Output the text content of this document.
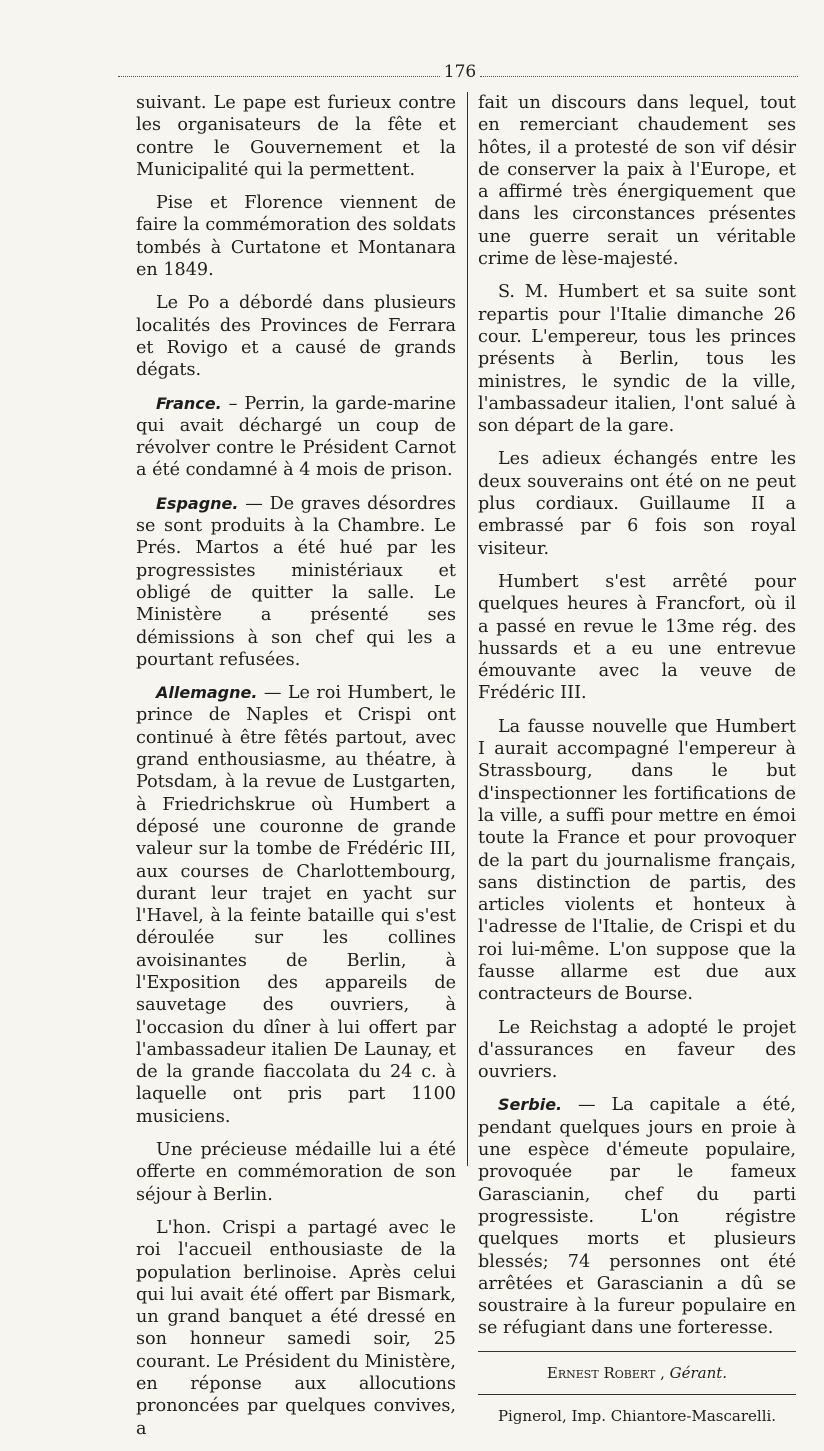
176

suivant. Le pape est furieux contre les organisateurs de la fête et contre le Gouvernement et la Municipalité qui la permettent.

Pise et Florence viennent de faire la commémoration des soldats tombés à Curtatone et Montanara en 1849.

Le Po a débordé dans plusieurs localités des Provinces de Ferrara et Rovigo et a causé de grands dégats.

France. – Perrin, la garde-marine qui avait déchargé un coup de révolver contre le Président Carnot a été condamné à 4 mois de prison.

Espagne. — De graves désordres se sont produits à la Chambre. Le Prés. Martos a été hué par les progressistes ministériaux et obligé de quitter la salle. Le Ministère a présenté ses démissions à son chef qui les a pourtant refusées.

Allemagne. — Le roi Humbert, le prince de Naples et Crispi ont continué à être fêtés partout, avec grand enthousiasme, au théatre, à Potsdam, à la revue de Lustgarten, à Friedrichskrue où Humbert a déposé une couronne de grande valeur sur la tombe de Frédéric III, aux courses de Charlottembourg, durant leur trajet en yacht sur l'Havel, à la feinte bataille qui s'est déroulée sur les collines avoisinantes de Berlin, à l'Exposition des appareils de sauvetage des ouvriers, à l'occasion du dîner à lui offert par l'ambassadeur italien De Launay, et de la grande fiaccolata du 24 c. à laquelle ont pris part 1100 musiciens.

Une précieuse médaille lui a été offerte en commémoration de son séjour à Berlin.

L'hon. Crispi a partagé avec le roi l'accueil enthousiaste de la population berlinoise. Après celui qui lui avait été offert par Bismark, un grand banquet a été dressé en son honneur samedi soir, 25 courant. Le Président du Ministère, en réponse aux allocutions prononcées par quelques convives, a

fait un discours dans lequel, tout en remerciant chaudement ses hôtes, il a protesté de son vif désir de conserver la paix à l'Europe, et a affirmé très énergiquement que dans les circonstances présentes une guerre serait un véritable crime de lèse-majesté.

S. M. Humbert et sa suite sont repartis pour l'Italie dimanche 26 cour. L'empereur, tous les princes présents à Berlin, tous les ministres, le syndic de la ville, l'ambassadeur italien, l'ont salué à son départ de la gare.

Les adieux échangés entre les deux souverains ont été on ne peut plus cordiaux. Guillaume II a embrassé par 6 fois son royal visiteur.

Humbert s'est arrêté pour quelques heures à Francfort, où il a passé en revue le 13me rég. des hussards et a eu une entrevue émouvante avec la veuve de Frédéric III.

La fausse nouvelle que Humbert I aurait accompagné l'empereur à Strassbourg, dans le but d'inspectionner les fortifications de la ville, a suffi pour mettre en émoi toute la France et pour provoquer de la part du journalisme français, sans distinction de partis, des articles violents et honteux à l'adresse de l'Italie, de Crispi et du roi lui-même. L'on suppose que la fausse allarme est due aux contracteurs de Bourse.

Le Reichstag a adopté le projet d'assurances en faveur des ouvriers.

Serbie. — La capitale a été, pendant quelques jours en proie à une espèce d'émeute populaire, provoquée par le fameux Garascianin, chef du parti progressiste. L'on régistre quelques morts et plusieurs blessés; 74 personnes ont été arrêtées et Garascianin a dû se soustraire à la fureur populaire en se réfugiant dans une forteresse.

Ernest Robert , Gérant.
Pignerol, Imp. Chiantore-Mascarelli.
